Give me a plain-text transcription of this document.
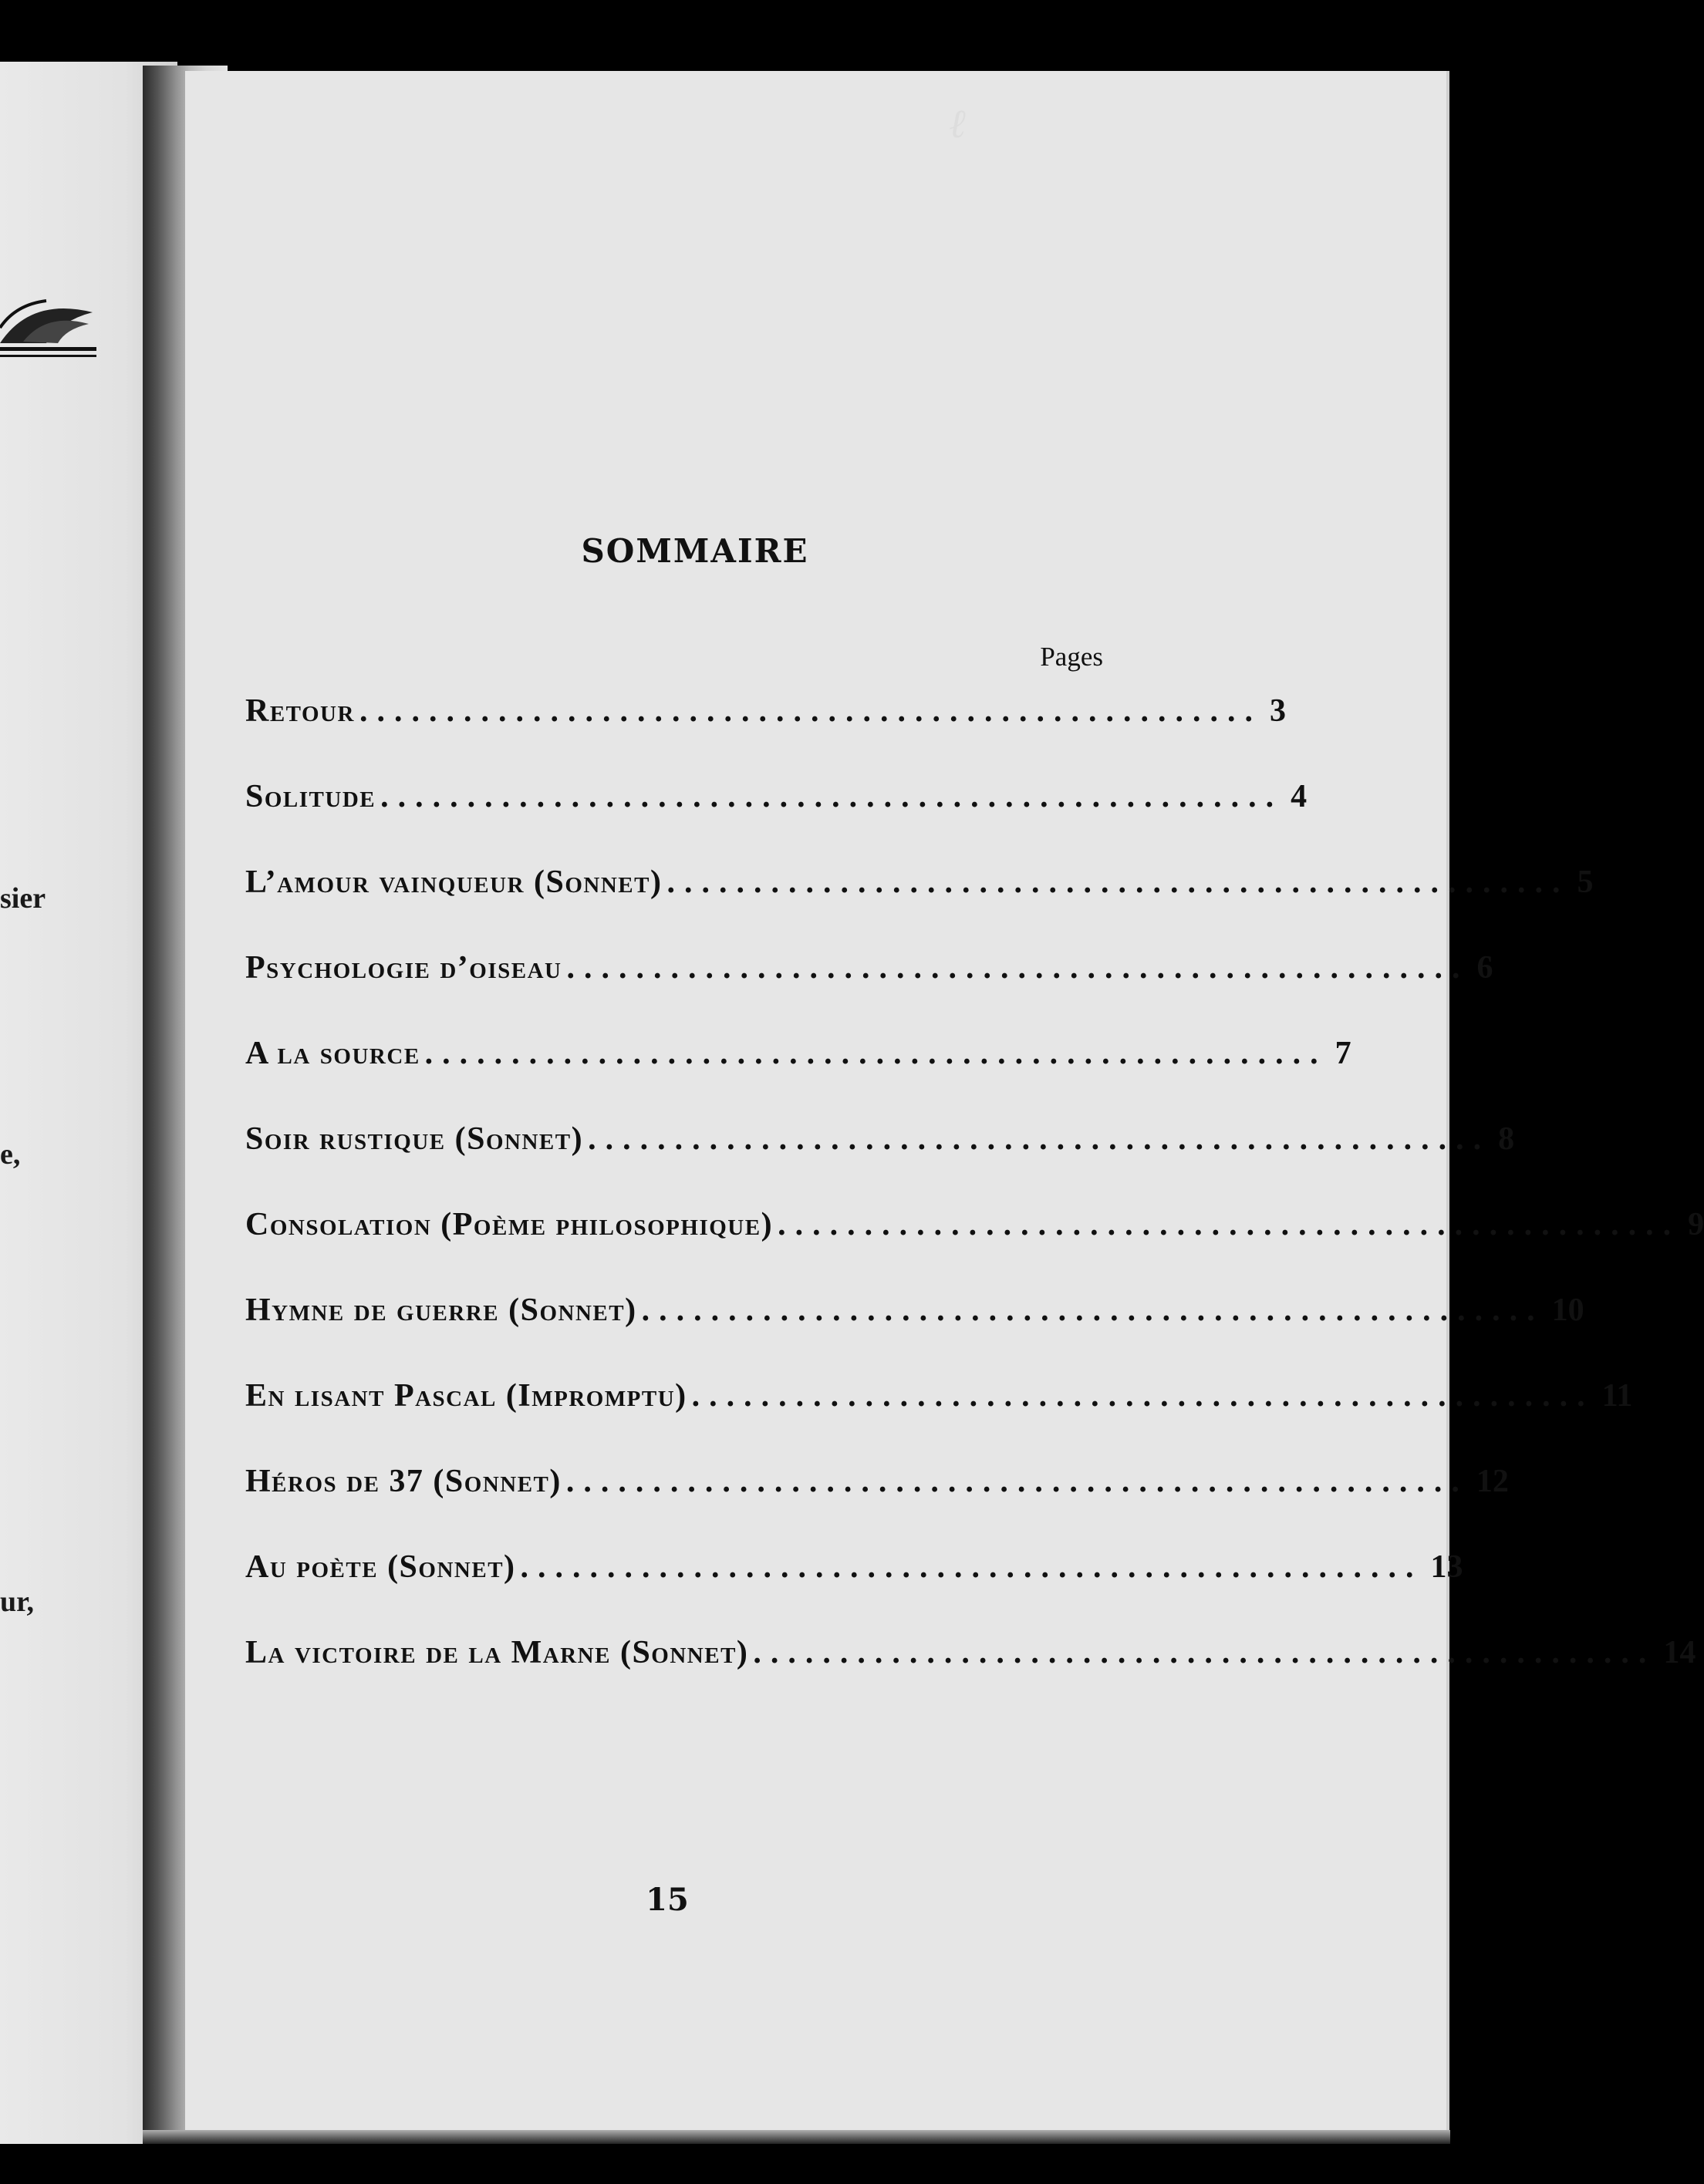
sier
e,
ur,
ℓ
SOMMAIRE
Pages
Retour .................................................... 3
Solitude .................................................... 4
L’amour vainqueur (Sonnet) .................................................... 5
Psychologie d’oiseau .................................................... 6
A la source .................................................... 7
Soir rustique (Sonnet) .................................................... 8
Consolation (Poème philosophique) .................................................... 9
Hymne de guerre (Sonnet) .................................................... 10
En lisant Pascal (Impromptu) .................................................... 11
Héros de 37 (Sonnet) .................................................... 12
Au poète (Sonnet) .................................................... 13
La victoire de la Marne (Sonnet) .................................................... 14
15
